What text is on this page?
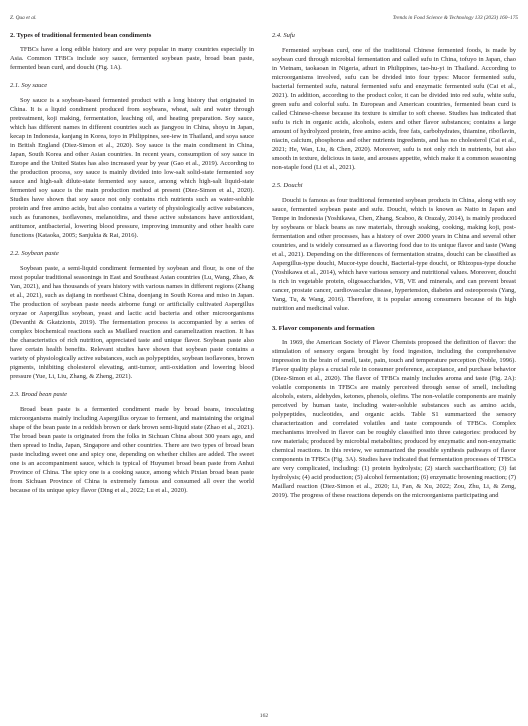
Z. Qua et al.	Trends in Food Science & Technology 133 (2023) 160–175
2. Types of traditional fermented bean condiments

TFBCs have a long edible history and are very popular in many countries especially in Asia. Common TFBCs include soy sauce, fermented soybean paste, broad bean paste, fermented bean curd, and douchi (Fig. 1A).

2.1. Soy sauce

Soy sauce is a soybean-based fermented product with a long history that originated in China. It is a liquid condiment produced from soybeans, wheat, salt and water through pretreatment, koji making, fermentation, leaching oil, and heating preparation. Soy sauce, which has different names in different countries such as jiangyou in China, shoyu in Japan, kecap in Indonesia, kanjang in Korea, toyo in Philippines, see-iew in Thailand, and soya sauce in British England (Diez-Simon et al., 2020). Soy sauce is the main condiment in China, Japan, South Korea and other Asian countries. In recent years, consumption of soy sauce in Europe and the United States has also increased year by year (Gao et al., 2019). According to the production process, soy sauce is mainly divided into low-salt solid-state fermented soy sauce and high-salt dilute-state fermented soy sauce, among which high-salt liquid-state fermented soy sauce is the main production method at present (Diez-Simon et al., 2020). Studies have shown that soy sauce not only contains rich nutrients such as water-soluble protein and free amino acids, but also contains a variety of physiologically active substances, such as furanones, isoflavones, melanoidins, and these active substances have antioxidant, antitumor, antibacterial, lowering blood pressure, improving immunity and other health care functions (Kataoka, 2005; Sanjukta & Rai, 2016).

2.2. Soybean paste

Soybean paste, a semi-liquid condiment fermented by soybean and flour, is one of the most popular traditional seasonings in East and Southeast Asian countries (Lu, Wang, Zhao, & Yan, 2021), and has thousands of years history with various names in different regions (Zhang et al., 2021), such as dajiang in northeast China, doenjang in South Korea and miso in Japan. The production of soybean paste needs airborne fungi or artificially cultivated Aspergillus oryzae or Aspergillus soybean, yeast and lactic acid bacteria and other microorganisms (Devanthi & Gkatzionis, 2019). The fermentation process is accompanied by a series of complex biochemical reactions such as Maillard reaction and caramelization reaction. It has the characteristics of rich nutrition, appreciated taste and unique flavor. Soybean paste also have certain health benefits. Relevant studies have shown that soybean paste contains a variety of physiologically active substances, such as polypeptides, soybean isoflavones, brown pigments, inhibiting cholesterol elevating, anti-tumor, anti-oxidation and lowering blood pressure (Yue, Li, Liu, Zhang, & Zheng, 2021).

2.3. Broad bean paste

Broad bean paste is a fermented condiment made by broad beans, inoculating microorganisms mainly including Aspergillus oryzae to ferment, and maintaining the original shape of the bean paste in a reddish brown or dark brown semi-liquid state (Zhao et al., 2021). The broad bean paste is originated from the folks in Sichuan China about 300 years ago, and then spread to India, Japan, Singapore and other countries. There are two types of broad bean paste including sweet one and spicy one, depending on whether chilies are added. The sweet one is an accompaniment sauce, which is typical of Huyumei broad bean paste from Anhui Province of China. The spicy one is a cooking sauce, among which Pixian broad bean paste from Sichuan Province of China is extremely famous and consumed all over the world because of its unique spicy flavor (Ding et al., 2022; Lu et al., 2020).

2.4. Sufu

Fermented soybean curd, one of the traditional Chinese fermented foods, is made by soybean curd through microbial fermentation and called sufu in China, tofuyo in Japan, chao in Vietnam, taokaoan in Nigeria, athuri in Philippines, tao-hu-yi in Thailand. According to microorganisms involved, sufu can be divided into four types: Mucor fermented sufu, bacterial fermented sufu, natural fermented sufu and enzymatic fermented sufu (Cai et al., 2021). In addition, according to the product color, it can be divided into red sufu, white sufu, green sufu and colorful sufu. In European and American countries, fermented bean curd is called Chinese-cheese because its texture is similar to soft cheese. Studies has indicated that sufu is rich in organic acids, alcohols, esters and other flavor substances; contains a large amount of hydrolyzed protein, free amino acids, free fats, carbohydrates, thiamine, riboflavin, niacin, calcium, phosphorus and other nutrients ingredients, and has no cholesterol (Cai et al., 2021; He, Wan, Liu, & Chen, 2020). Moreover, sufu is not only rich in nutrients, but also smooth in texture, delicious in taste, and arouses appetite, which make it a common seasoning non-staple food (Li et al., 2021).

2.5. Douchi

Douchi is famous as four traditional fermented soybean products in China, along with soy sauce, fermented soybean paste and sufu. Douchi, which is known as Natto in Japan and Tempe in Indonesia (Yoshikawa, Chen, Zhang, Scaboo, & Orazaly, 2014), is mainly produced by soybeans or black beans as raw materials, through soaking, cooking, making koji, post-fermentation and other processes, has a history of over 2000 years in China and several other countries, and is widely consumed as a flavoring food due to its unique flavor and taste (Wang et al., 2021). Depending on the differences of fermentation strains, douchi can be classified as Aspergillus-type douchi, Mucor-type douchi, Bacterial-type douchi, or Rhizopus-type douche (Yoshikawa et al., 2014), which have various sensory and nutritional values. Moreover, douchi is rich in vegetable protein, oligosaccharides, VB, VE and minerals, and can prevent breast cancer, prostate cancer, cardiovascular disease, hypertension, diabetes and osteoporosis (Yang, Yang, Tu, & Wang, 2016). Therefore, it is popular among consumers because of its high nutrition and medicinal value.

3. Flavor components and formation

In 1969, the American Society of Flavor Chemists proposed the definition of flavor: the stimulation of sensory organs brought by food ingestion, including the comprehensive impression in the brain of smell, taste, pain, touch and temperature perception (Noble, 1996). Flavor quality plays a crucial role in consumer preference, acceptance, and purchase behavior (Diez-Simon et al., 2020). The flavor of TFBCs mainly includes aroma and taste (Fig. 2A): volatile components in TFBCs are mainly perceived through sense of smell, including alcohols, esters, aldehydes, ketones, phenols, olefins. The non-volatile components are mainly perceived by human taste, including water-soluble substances such as amino acids, polypeptides, nucleotides, and organic acids. Table S1 summarized the sensory characterization and correlated volatiles and taste compounds of TFBCs. Complex mechanisms involved in flavor can be roughly classified into three categories: produced by raw materials; produced by microbial metabolites; produced by enzymatic and non-enzymatic chemical reactions. In this review, we summarized the possible synthesis pathways of flavor components in TFBCs (Fig. 3A). Studies have indicated that fermentation processes of TFBCs are very complicated, including: (1) protein hydrolysis; (2) starch saccharification; (3) fat hydrolysis; (4) acid production; (5) alcohol fermentation; (6) enzymatic browning reaction; (7) Maillard reaction (Diez-Simon et al., 2020; Li, Fan, & Xu, 2022; Zou, Zhu, Li, & Zeng, 2019). The progress of these reactions depends on the microorganisms participating and

162
